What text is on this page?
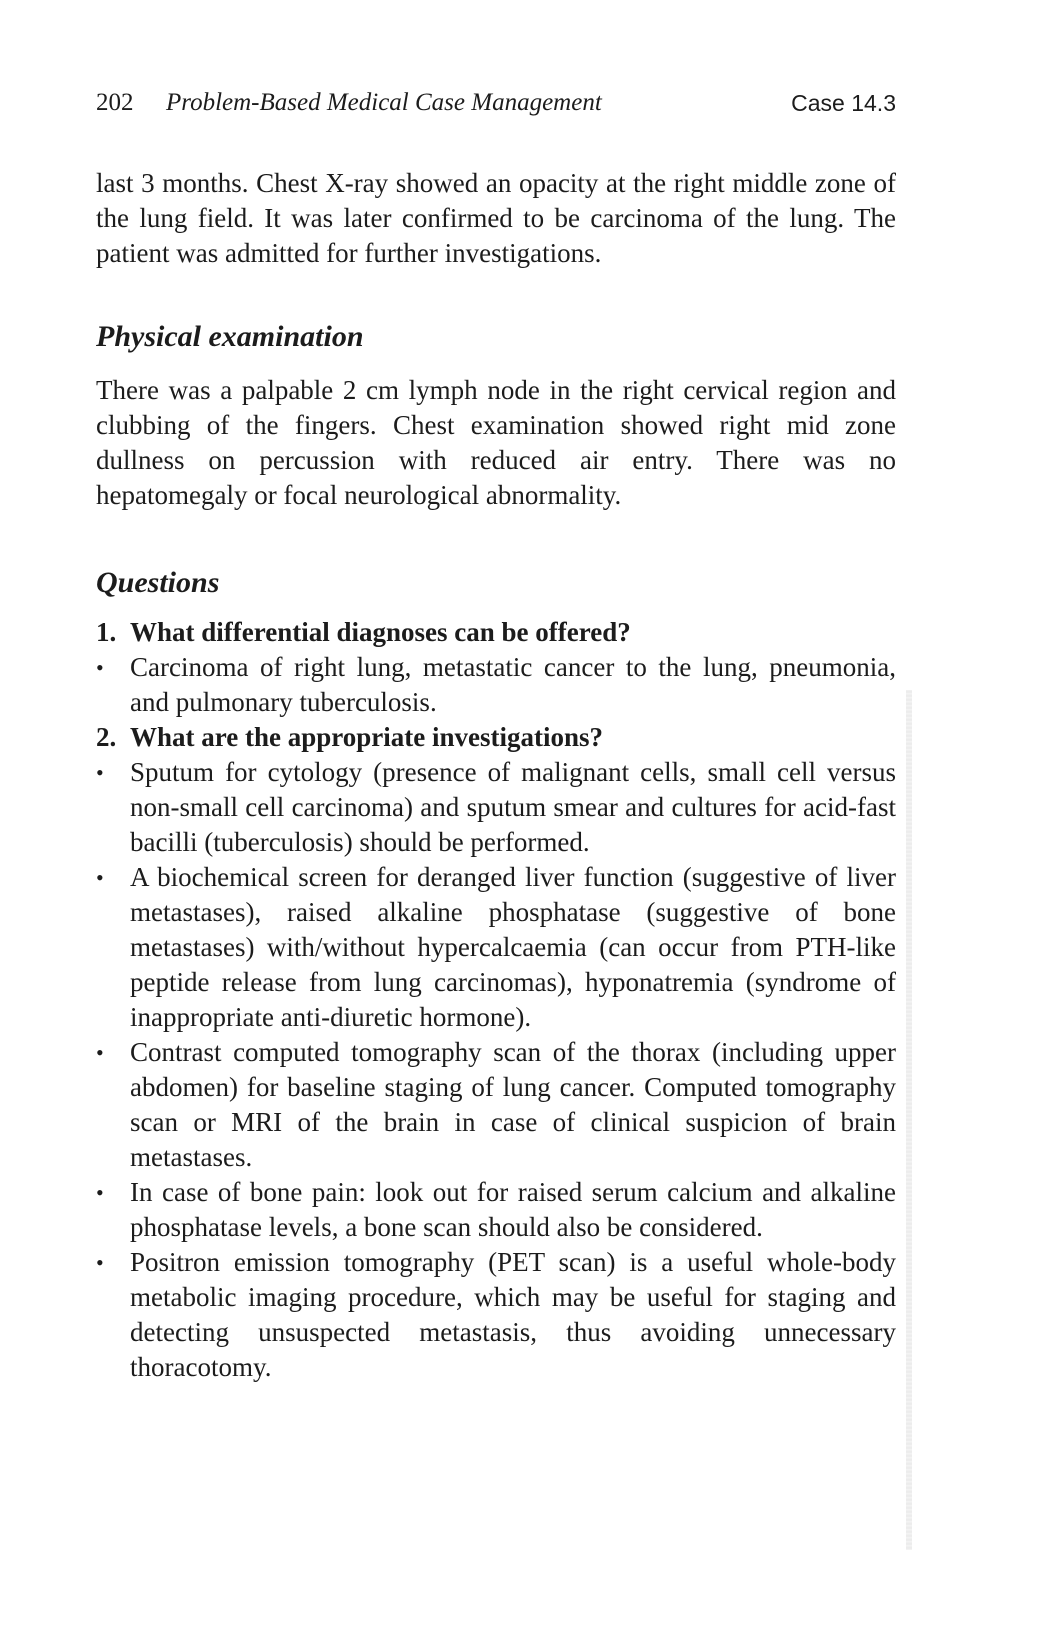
202 Problem-Based Medical Case Management	Case 14.3

last 3 months. Chest X-ray showed an opacity at the right middle zone of the lung field. It was later confirmed to be carcinoma of the lung. The patient was admitted for further investigations.

Physical examination

There was a palpable 2 cm lymph node in the right cervical region and clubbing of the fingers. Chest examination showed right mid zone dullness on percussion with reduced air entry. There was no hepatomegaly or focal neurological abnormality.

Questions
1. What differential diagnoses can be offered?
• Carcinoma of right lung, metastatic cancer to the lung, pneumonia, and pulmonary tuberculosis.
2. What are the appropriate investigations?
• Sputum for cytology (presence of malignant cells, small cell versus non-small cell carcinoma) and sputum smear and cultures for acid-fast bacilli (tuberculosis) should be performed.
• A biochemical screen for deranged liver function (suggestive of liver metastases), raised alkaline phosphatase (suggestive of bone metastases) with/without hypercalcaemia (can occur from PTH-like peptide release from lung carcinomas), hyponatremia (syndrome of inappropriate anti-diuretic hormone).
• Contrast computed tomography scan of the thorax (including upper abdomen) for baseline staging of lung cancer. Computed tomography scan or MRI of the brain in case of clinical suspicion of brain metastases.
• In case of bone pain: look out for raised serum calcium and alkaline phosphatase levels, a bone scan should also be considered.
• Positron emission tomography (PET scan) is a useful whole-body metabolic imaging procedure, which may be useful for staging and detecting unsuspected metastasis, thus avoiding unnecessary thoracotomy.
